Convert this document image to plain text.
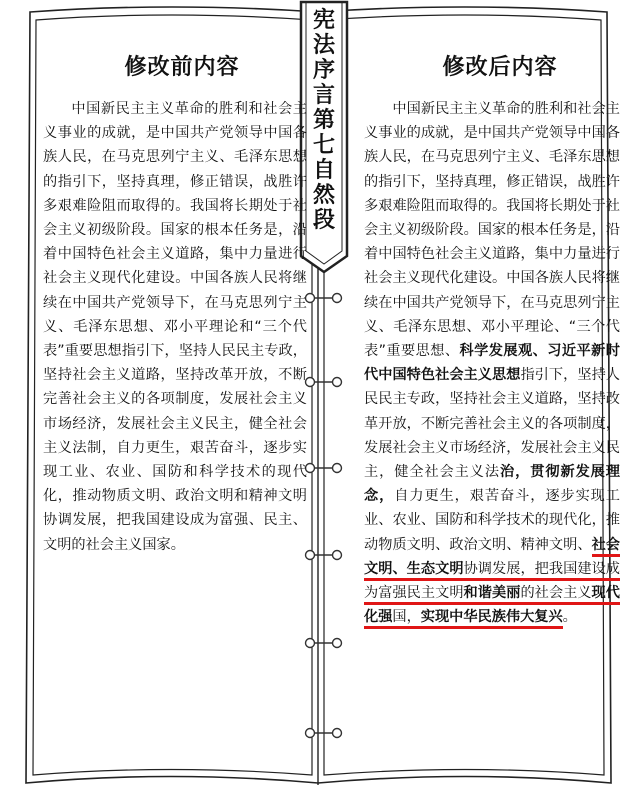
宪
法
序
言
第
七
自
然
段
修改前内容	修改后内容
中国新民主主义革命的胜利和社会主义事业的成就，是中国共产党领导中国各族人民，在马克思列宁主义、毛泽东思想的指引下，坚持真理，修正错误，战胜许多艰难险阻而取得的。我国将长期处于社会主义初级阶段。国家的根本任务是，沿着中国特色社会主义道路，集中力量进行社会主义现代化建设。中国各族人民将继续在中国共产党领导下，在马克思列宁主义、毛泽东思想、邓小平理论和“三个代表”重要思想指引下，坚持人民民主专政，坚持社会主义道路，坚持改革开放，不断完善社会主义的各项制度，发展社会主义市场经济，发展社会主义民主，健全社会主义法制，自力更生，艰苦奋斗，逐步实现工业、农业、国防和科学技术的现代化，推动物质文明、政治文明和精神文明协调发展，把我国建设成为富强、民主、文明的社会主义国家。
中国新民主主义革命的胜利和社会主义事业的成就，是中国共产党领导中国各族人民，在马克思列宁主义、毛泽东思想的指引下，坚持真理，修正错误，战胜许多艰难险阻而取得的。我国将长期处于社会主义初级阶段。国家的根本任务是，沿着中国特色社会主义道路，集中力量进行社会主义现代化建设。中国各族人民将继续在中国共产党领导下，在马克思列宁主义、毛泽东思想、邓小平理论、“三个代表”重要思想、科学发展观、习近平新时代中国特色社会主义思想指引下，坚持人民民主专政，坚持社会主义道路，坚持改革开放，不断完善社会主义的各项制度，发展社会主义市场经济，发展社会主义民主，健全社会主义法治，贯彻新发展理念，自力更生，艰苦奋斗，逐步实现工业、农业、国防和科学技术的现代化，推动物质文明、政治文明、精神文明、社会文明、生态文明协调发展，把我国建设成为富强民主文明和谐美丽的社会主义现代化强国，实现中华民族伟大复兴。
